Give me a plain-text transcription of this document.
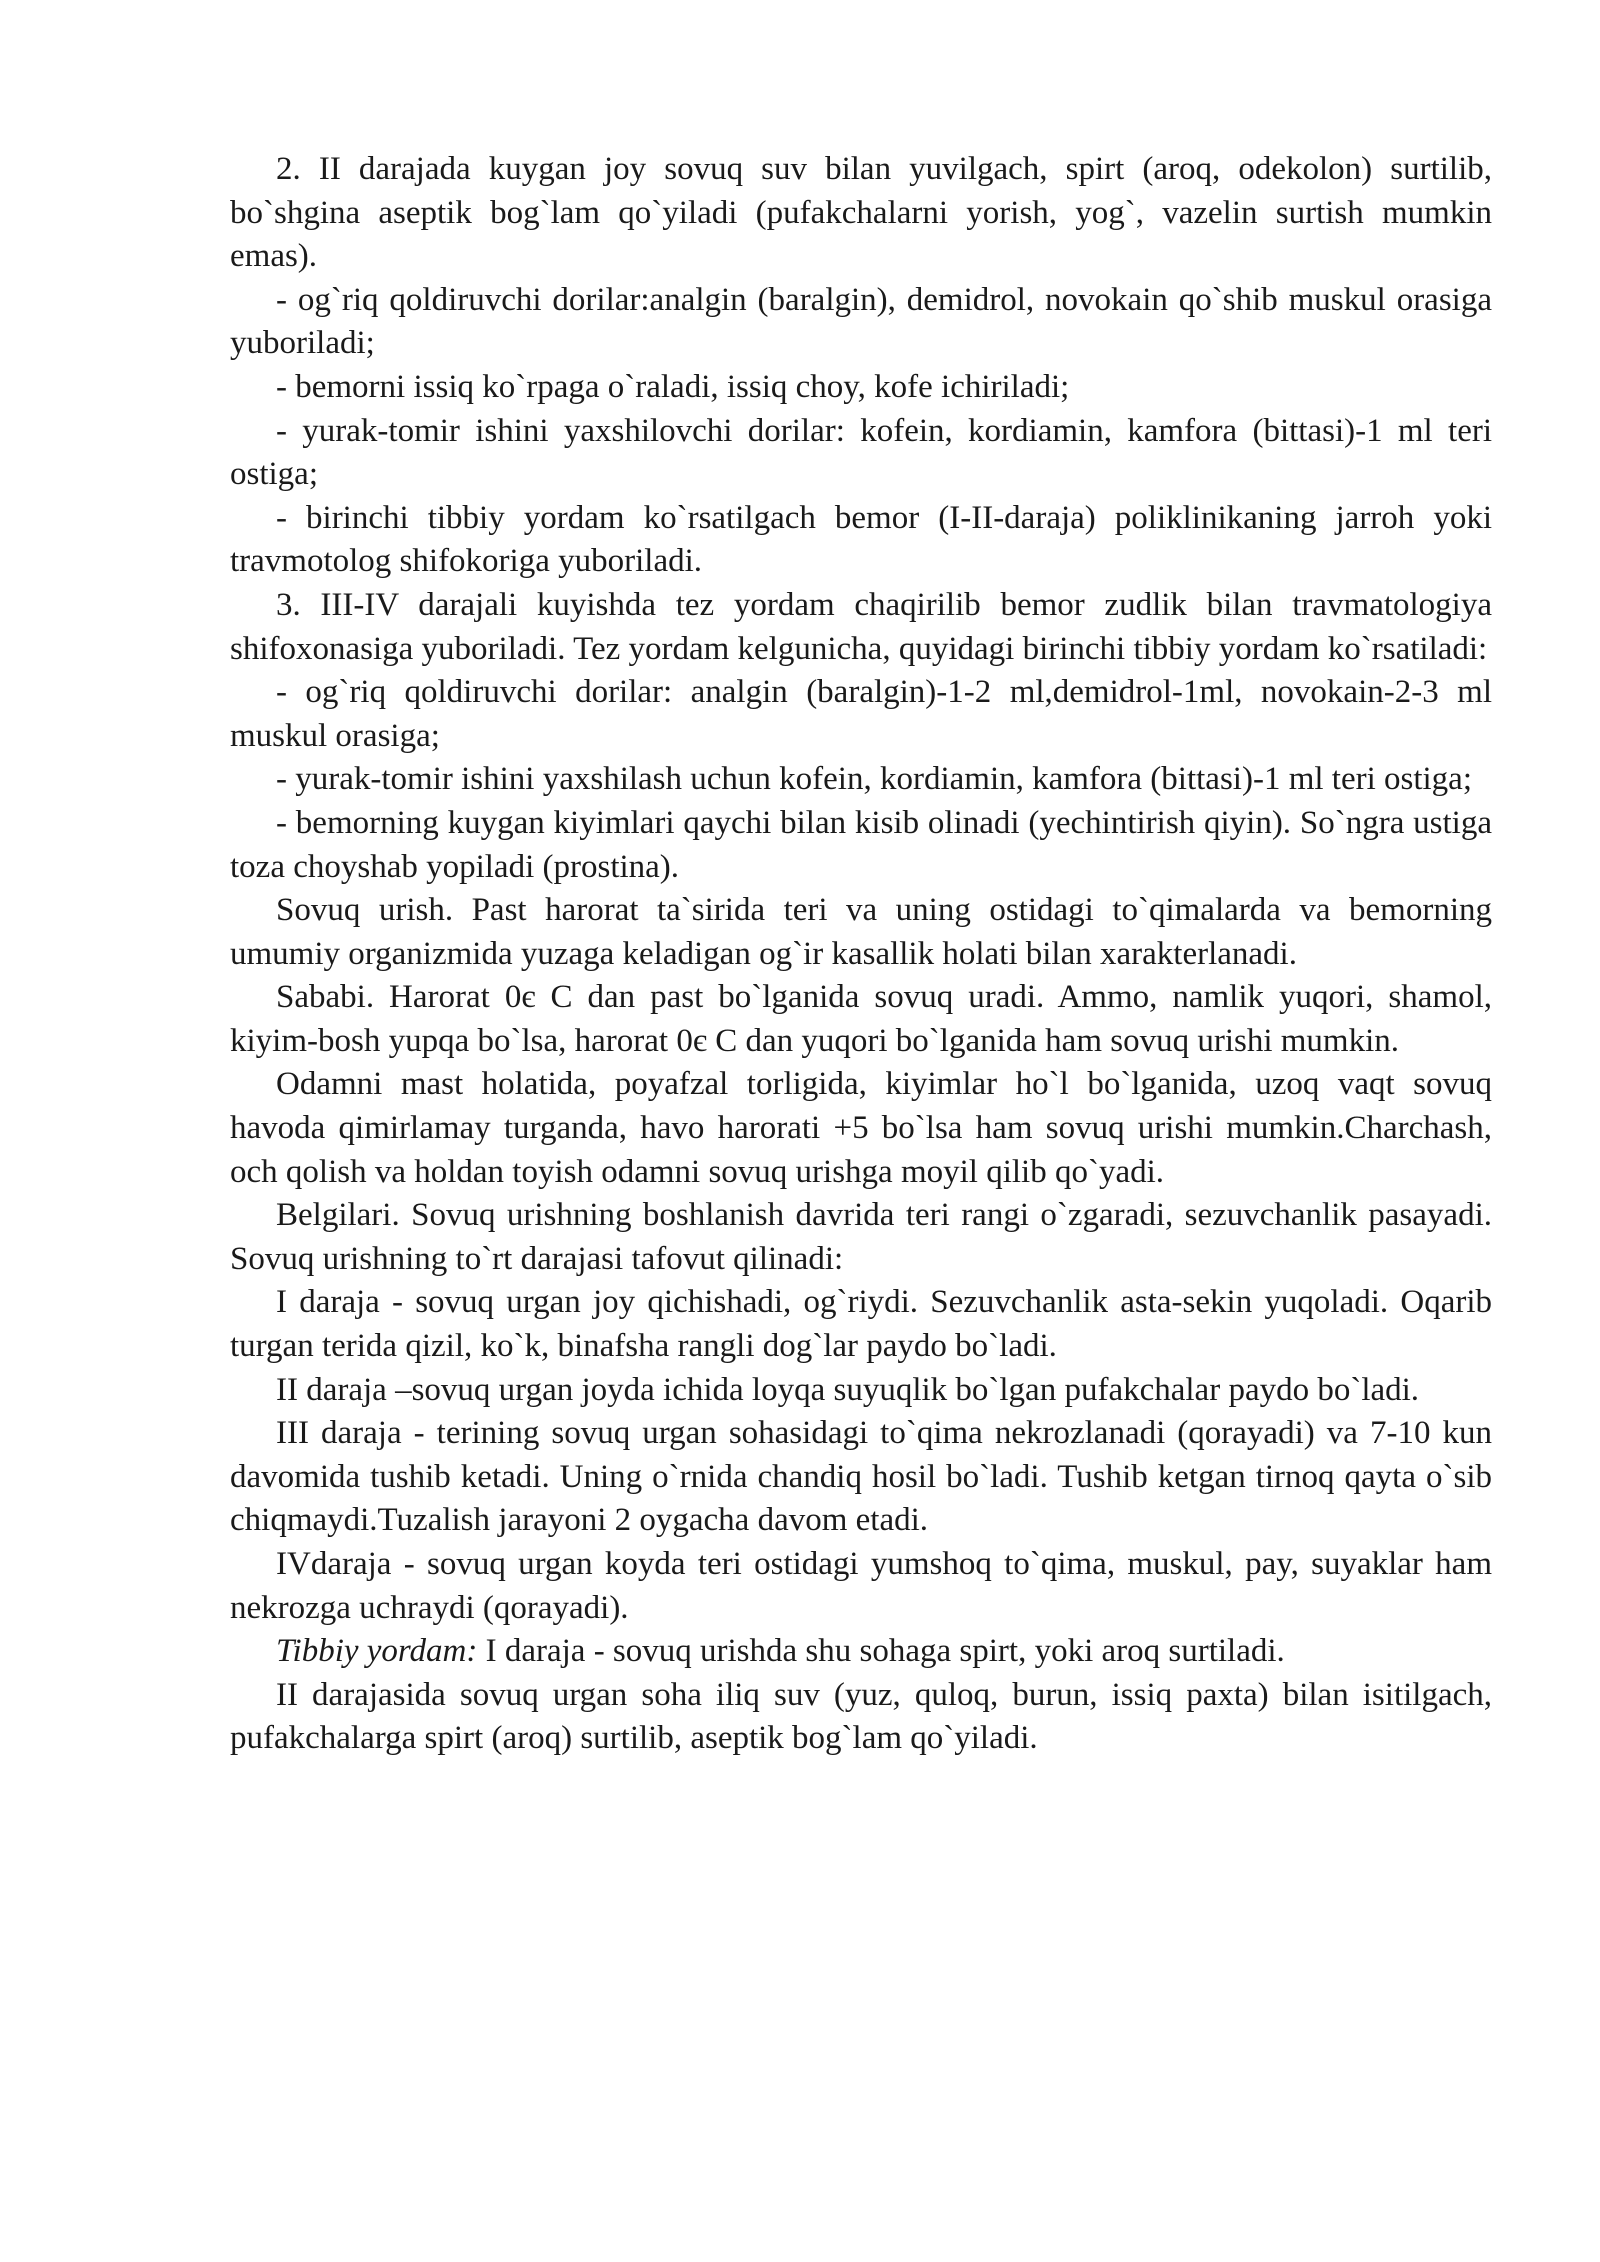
2. II darajada kuygan joy sovuq suv bilan yuvilgach, spirt (aroq, odekolon) surtilib, bo`shgina aseptik bog`lam qo`yiladi (pufakchalarni yorish, yog`, vazelin surtish mumkin emas).

- og`riq qoldiruvchi dorilar:analgin (baralgin), demidrol, novokain qo`shib muskul orasiga yuboriladi;

- bemorni issiq ko`rpaga o`raladi, issiq choy, kofe ichiriladi;

- yurak-tomir ishini yaxshilovchi dorilar: kofein, kordiamin, kamfora (bittasi)-1 ml teri ostiga;

- birinchi tibbiy yordam ko`rsatilgach bemor (I-II-daraja) poliklinikaning jarroh yoki travmotolog shifokoriga yuboriladi.

3. III-IV darajali kuyishda tez yordam chaqirilib bemor zudlik bilan travmatologiya shifoxonasiga yuboriladi. Tez yordam kelgunicha, quyidagi birinchi tibbiy yordam ko`rsatiladi:

- og`riq qoldiruvchi dorilar: analgin (baralgin)-1-2 ml,demidrol-1ml, novokain-2-3 ml muskul orasiga;

- yurak-tomir ishini yaxshilash uchun kofein, kordiamin, kamfora (bittasi)-1 ml teri ostiga;

- bemorning kuygan kiyimlari qaychi bilan kisib olinadi (yechintirish qiyin). So`ngra ustiga toza choyshab yopiladi (prostina).

Sovuq urish. Past harorat ta`sirida teri va uning ostidagi to`qimalarda va bemorning umumiy organizmida yuzaga keladigan og`ir kasallik holati bilan xarakterlanadi.

Sababi. Harorat 0є C dan past bo`lganida sovuq uradi. Ammo, namlik yuqori, shamol, kiyim-bosh yupqa bo`lsa, harorat 0є C dan yuqori bo`lganida ham sovuq urishi mumkin.

Odamni mast holatida, poyafzal torligida, kiyimlar ho`l bo`lganida, uzoq vaqt sovuq havoda qimirlamay turganda, havo harorati +5 bo`lsa ham sovuq urishi mumkin.Charchash, och qolish va holdan toyish odamni sovuq urishga moyil qilib qo`yadi.

Belgilari. Sovuq urishning boshlanish davrida teri rangi o`zgaradi, sezuvchanlik pasayadi. Sovuq urishning to`rt darajasi tafovut qilinadi:

I daraja - sovuq urgan joy qichishadi, og`riydi. Sezuvchanlik asta-sekin yuqoladi. Oqarib turgan terida qizil, ko`k, binafsha rangli dog`lar paydo bo`ladi.

II daraja –sovuq urgan joyda ichida loyqa suyuqlik bo`lgan pufakchalar paydo bo`ladi.

III daraja - terining sovuq urgan sohasidagi to`qima nekrozlanadi (qorayadi) va 7-10 kun davomida tushib ketadi. Uning o`rnida chandiq hosil bo`ladi. Tushib ketgan tirnoq qayta o`sib chiqmaydi.Tuzalish jarayoni 2 oygacha davom etadi.

IVdaraja - sovuq urgan koyda teri ostidagi yumshoq to`qima, muskul, pay, suyaklar ham nekrozga uchraydi (qorayadi).

Tibbiy yordam: I daraja - sovuq urishda shu sohaga spirt, yoki aroq surtiladi.

II darajasida sovuq urgan soha iliq suv (yuz, quloq, burun, issiq paxta) bilan isitilgach, pufakchalarga spirt (aroq) surtilib, aseptik bog`lam qo`yiladi.
